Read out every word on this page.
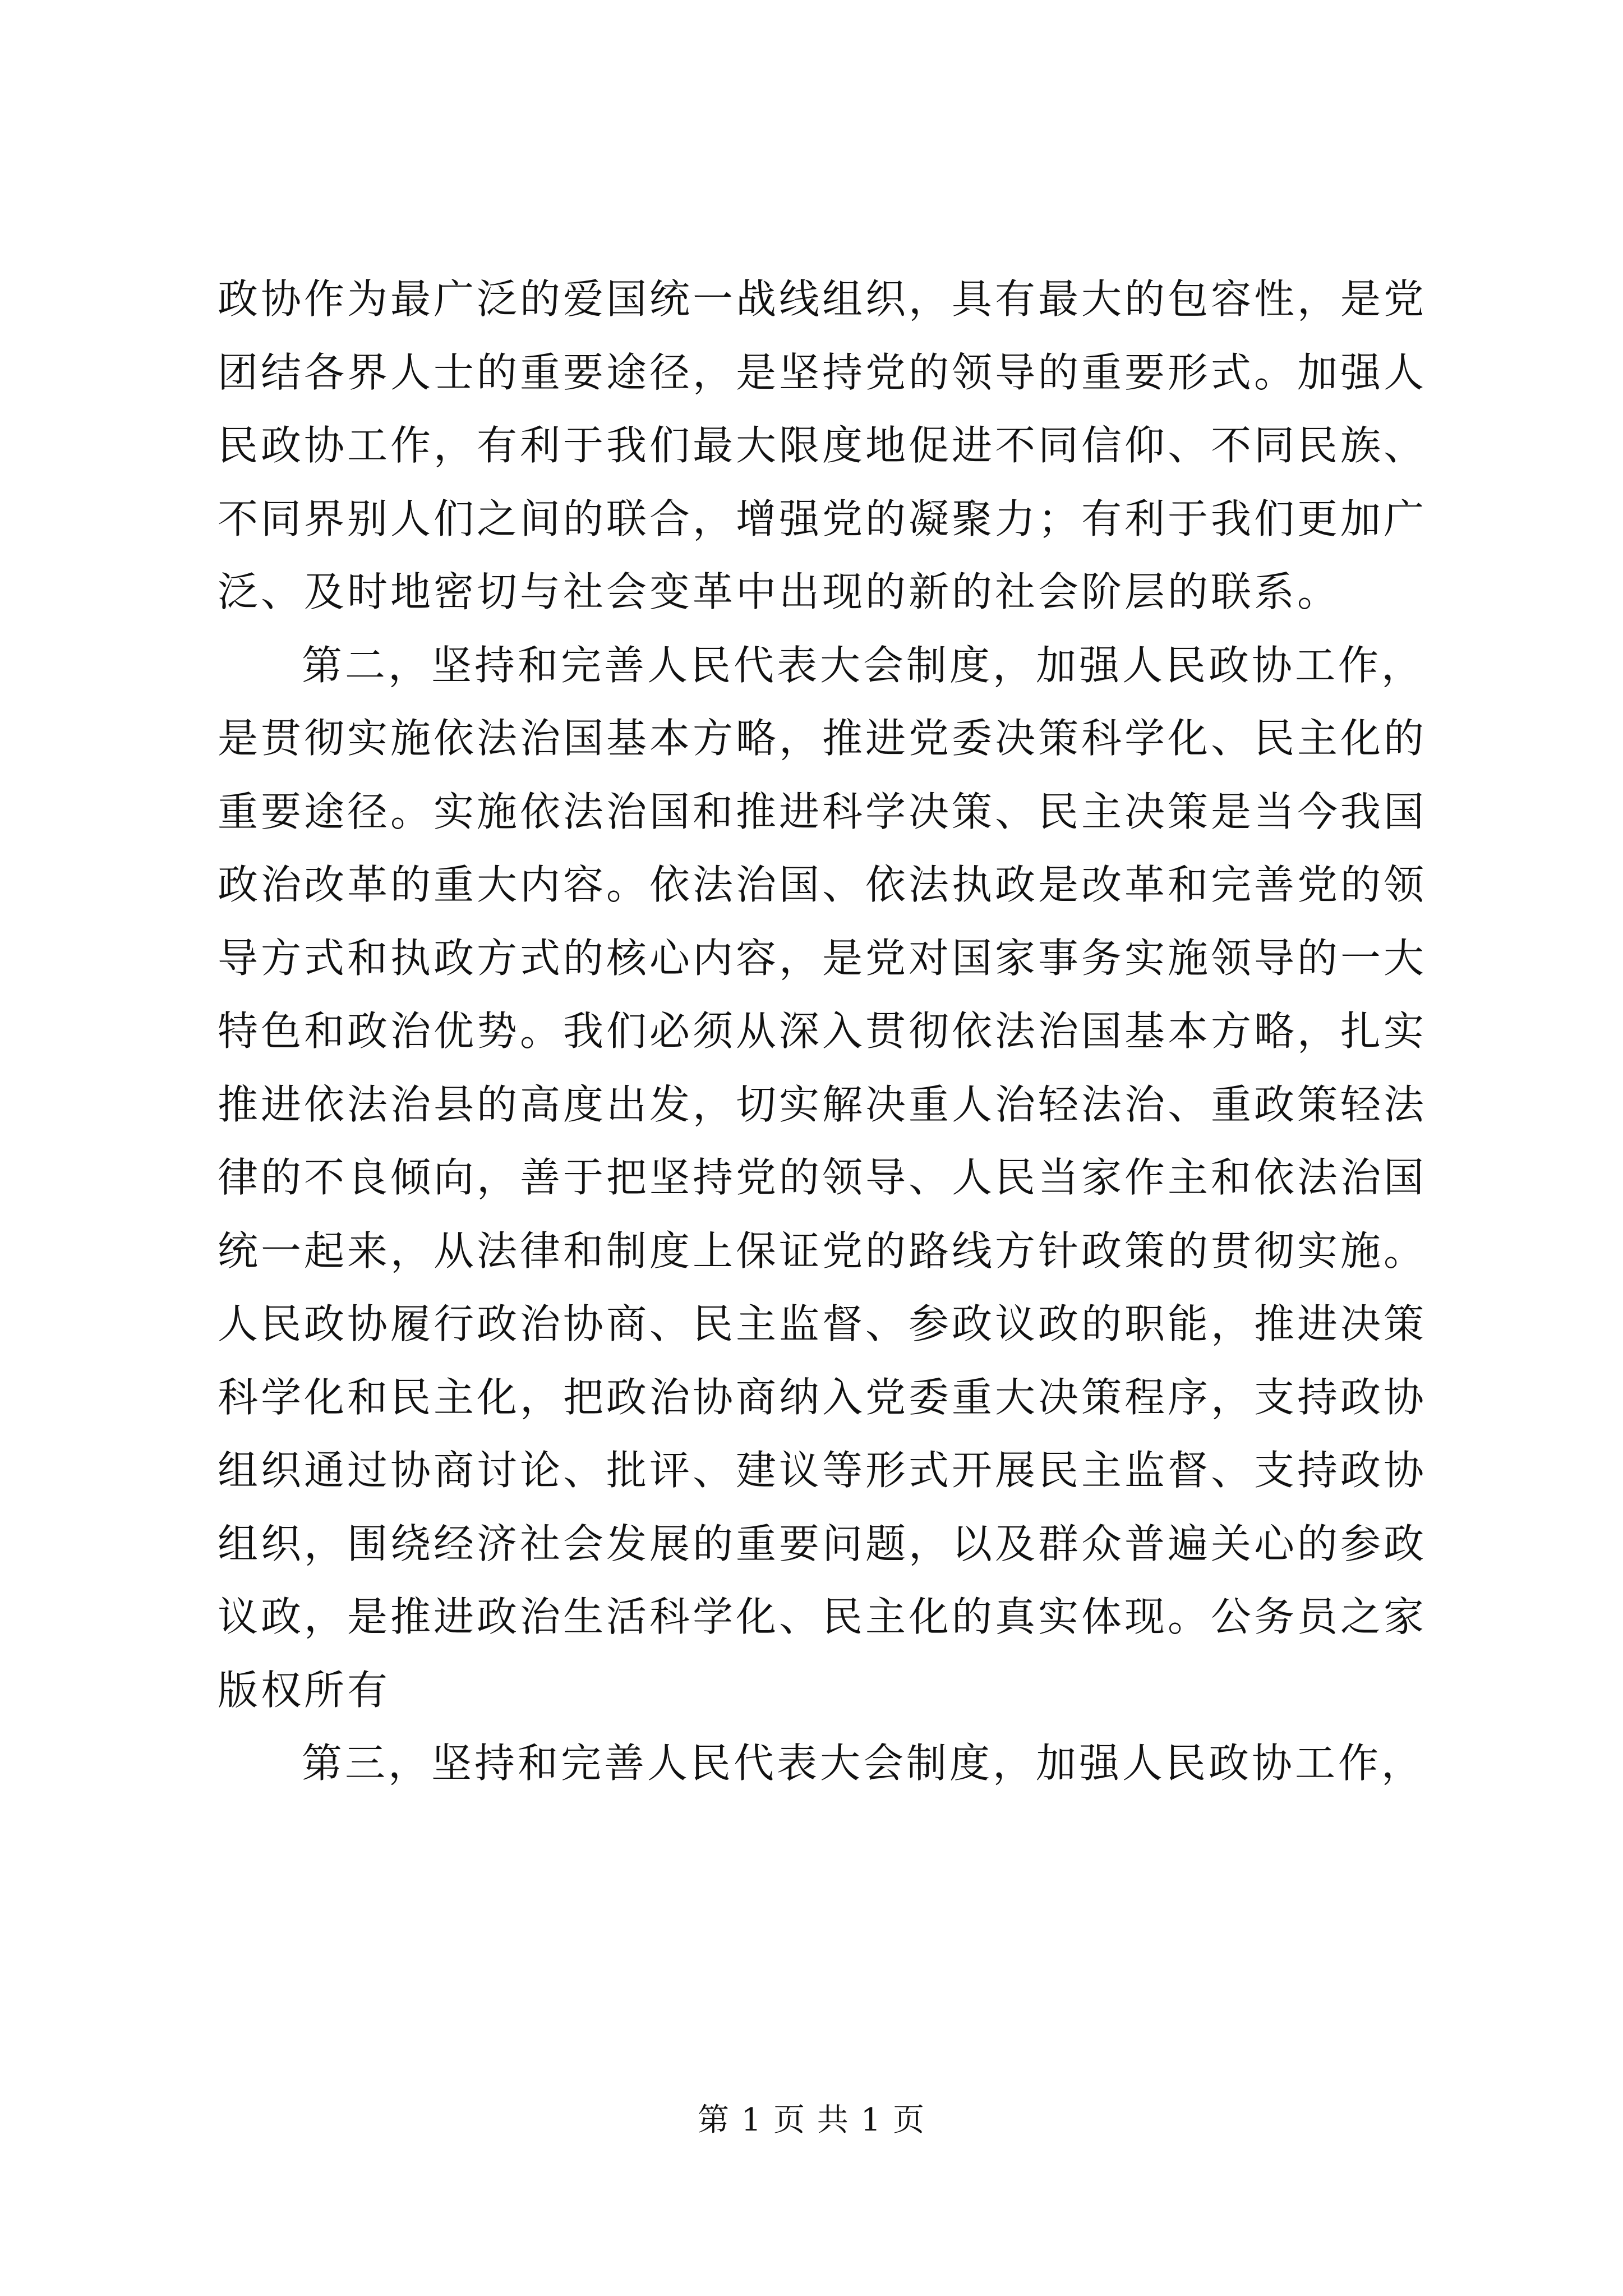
政协作为最广泛的爱国统一战线组织，具有最大的包容性，是党
团结各界人士的重要途径，是坚持党的领导的重要形式。加强人
民政协工作，有利于我们最大限度地促进不同信仰、不同民族、
不同界别人们之间的联合，增强党的凝聚力；有利于我们更加广
泛、及时地密切与社会变革中出现的新的社会阶层的联系。
第二，坚持和完善人民代表大会制度，加强人民政协工作，
是贯彻实施依法治国基本方略，推进党委决策科学化、民主化的
重要途径。实施依法治国和推进科学决策、民主决策是当今我国
政治改革的重大内容。依法治国、依法执政是改革和完善党的领
导方式和执政方式的核心内容，是党对国家事务实施领导的一大
特色和政治优势。我们必须从深入贯彻依法治国基本方略，扎实
推进依法治县的高度出发，切实解决重人治轻法治、重政策轻法
律的不良倾向，善于把坚持党的领导、人民当家作主和依法治国
统一起来，从法律和制度上保证党的路线方针政策的贯彻实施。
人民政协履行政治协商、民主监督、参政议政的职能，推进决策
科学化和民主化，把政治协商纳入党委重大决策程序，支持政协
组织通过协商讨论、批评、建议等形式开展民主监督、支持政协
组织，围绕经济社会发展的重要问题，以及群众普遍关心的参政
议政，是推进政治生活科学化、民主化的真实体现。公务员之家
版权所有
第三，坚持和完善人民代表大会制度，加强人民政协工作，
第 1 页 共 1 页
